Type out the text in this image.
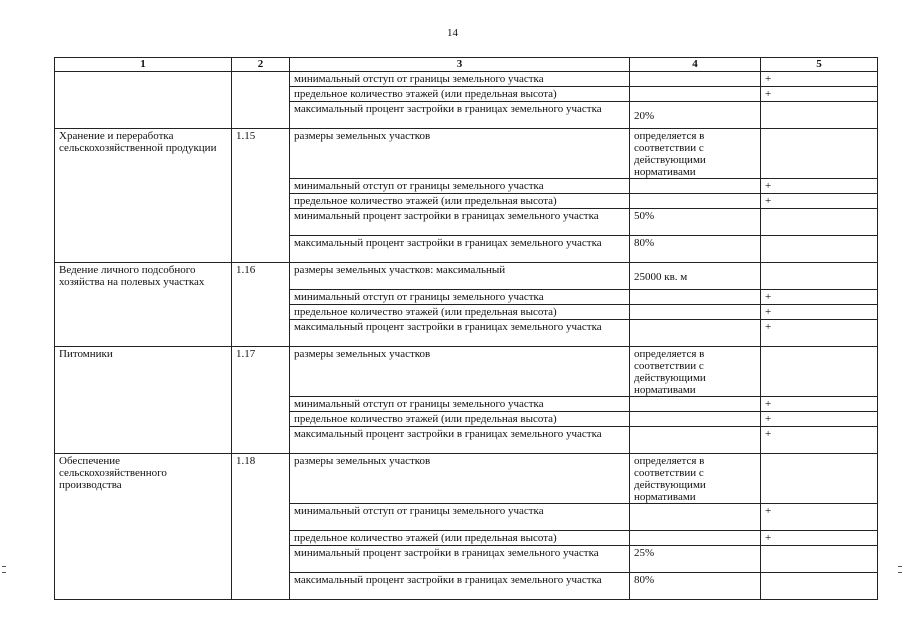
14
1	2	3	4	5
		минимальный отступ от границы земельного участка		+
		предельное количество этажей (или предельная высота)		+
		максимальный процент застройки в границах земельного участка	20%	
Хранение и переработка сельскохозяйственной продукции	1.15	размеры земельных участков	определяется в соответствии с действующими нормативами	
		минимальный отступ от границы земельного участка		+
		предельное количество этажей (или предельная высота)		+
		минимальный процент застройки в границах земельного участка	50%	
		максимальный процент застройки в границах земельного участка	80%	
Ведение личного подсобного хозяйства на полевых участках	1.16	размеры земельных участков: максимальный	25000 кв. м	
		минимальный отступ от границы земельного участка		+
		предельное количество этажей (или предельная высота)		+
		максимальный процент застройки в границах земельного участка		+
Питомники	1.17	размеры земельных участков	определяется в соответствии с действующими нормативами	
		минимальный отступ от границы земельного участка		+
		предельное количество этажей (или предельная высота)		+
		максимальный процент застройки в границах земельного участка		+
Обеспечение сельскохозяйственного производства	1.18	размеры земельных участков	определяется в соответствии с действующими нормативами	
		минимальный отступ от границы земельного участка		+
		предельное количество этажей (или предельная высота)		+
		минимальный процент застройки в границах земельного участка	25%	
		максимальный процент застройки в границах земельного участка	80%	
